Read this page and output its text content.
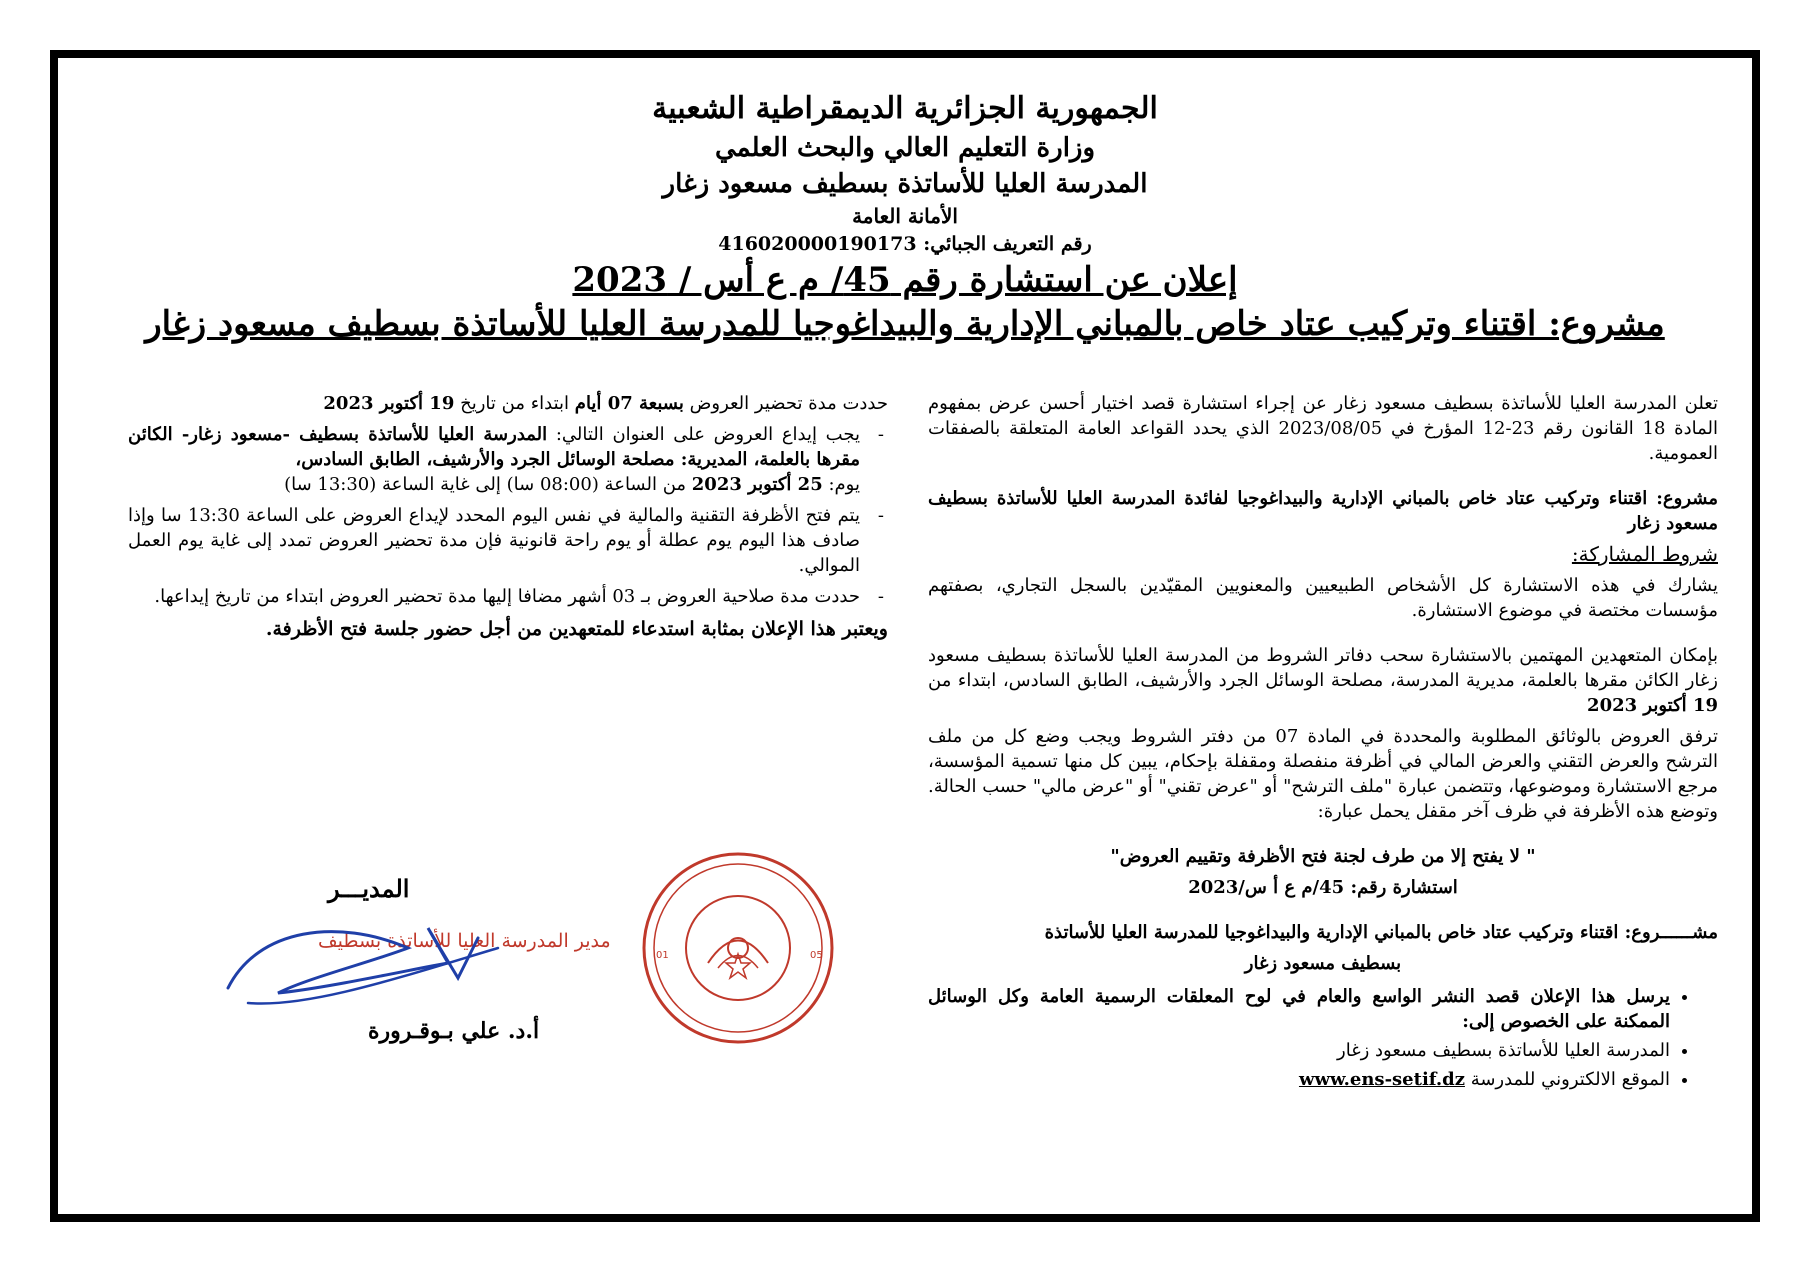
الجمهورية الجزائرية الديمقراطية الشعبية
وزارة التعليم العالي والبحث العلمي
المدرسة العليا للأساتذة بسطيف مسعود زغار
الأمانة العامة
رقم التعريف الجبائي: 416020000190173
إعلان عن استشارة رقم 45/ م ع أس / 2023
مشروع: اقتناء وتركيب عتاد خاص بالمباني الإدارية والبيداغوجيا للمدرسة العليا للأساتذة بسطيف مسعود زغار

تعلن المدرسة العليا للأساتذة بسطيف مسعود زغار عن إجراء استشارة قصد اختيار أحسن عرض بمفهوم المادة 18 القانون رقم 23-12 المؤرخ في 2023/08/05 الذي يحدد القواعد العامة المتعلقة بالصفقات العمومية.

مشروع: اقتناء وتركيب عتاد خاص بالمباني الإدارية والبيداغوجيا لفائدة المدرسة العليا للأساتذة بسطيف مسعود زغار

شروط المشاركة:

يشارك في هذه الاستشارة كل الأشخاص الطبيعيين والمعنويين المقيّدين بالسجل التجاري، بصفتهم مؤسسات مختصة في موضوع الاستشارة.

بإمكان المتعهدين المهتمين بالاستشارة سحب دفاتر الشروط من المدرسة العليا للأساتذة بسطيف مسعود زغار الكائن مقرها بالعلمة، مديرية المدرسة، مصلحة الوسائل الجرد والأرشيف، الطابق السادس، ابتداء من 19 أكتوبر 2023

ترفق العروض بالوثائق المطلوبة والمحددة في المادة 07 من دفتر الشروط ويجب وضع كل من ملف الترشح والعرض التقني والعرض المالي في أظرفة منفصلة ومقفلة بإحكام، يبين كل منها تسمية المؤسسة، مرجع الاستشارة وموضوعها، وتتضمن عبارة "ملف الترشح" أو "عرض تقني" أو "عرض مالي" حسب الحالة. وتوضع هذه الأظرفة في ظرف آخر مقفل يحمل عبارة:

" لا يفتح إلا من طرف لجنة فتح الأظرفة وتقييم العروض"

استشارة رقم: 45/م ع أ س/2023

مشــــــروع: اقتناء وتركيب عتاد خاص بالمباني الإدارية والبيداغوجيا للمدرسة العليا للأساتذة

بسطيف مسعود زغار

• يرسل هذا الإعلان قصد النشر الواسع والعام في لوح المعلقات الرسمية العامة وكل الوسائل الممكنة على الخصوص إلى:
• المدرسة العليا للأساتذة بسطيف مسعود زغار
• الموقع الالكتروني للمدرسة www.ens-setif.dz

حددت مدة تحضير العروض بسبعة 07 أيام ابتداء من تاريخ 19 أكتوبر 2023

- يجب إيداع العروض على العنوان التالي: المدرسة العليا للأساتذة بسطيف -مسعود زغار- الكائن مقرها بالعلمة، المديرية: مصلحة الوسائل الجرد والأرشيف، الطابق السادس،
يوم: 25 أكتوبر 2023 من الساعة (08:00 سا) إلى غاية الساعة (13:30 سا)
- يتم فتح الأظرفة التقنية والمالية في نفس اليوم المحدد لإيداع العروض على الساعة 13:30 سا وإذا صادف هذا اليوم يوم عطلة أو يوم راحة قانونية فإن مدة تحضير العروض تمدد إلى غاية يوم العمل الموالي.
- حددت مدة صلاحية العروض بـ 03 أشهر مضافا إليها مدة تحضير العروض ابتداء من تاريخ إيداعها.

ويعتبر هذا الإعلان بمثابة استدعاء للمتعهدين من أجل حضور جلسة فتح الأظرفة.

01	05
المديـــر
مدير المدرسة العليا للأساتذة بسطيف
أ.د. علي بـوقـرورة
